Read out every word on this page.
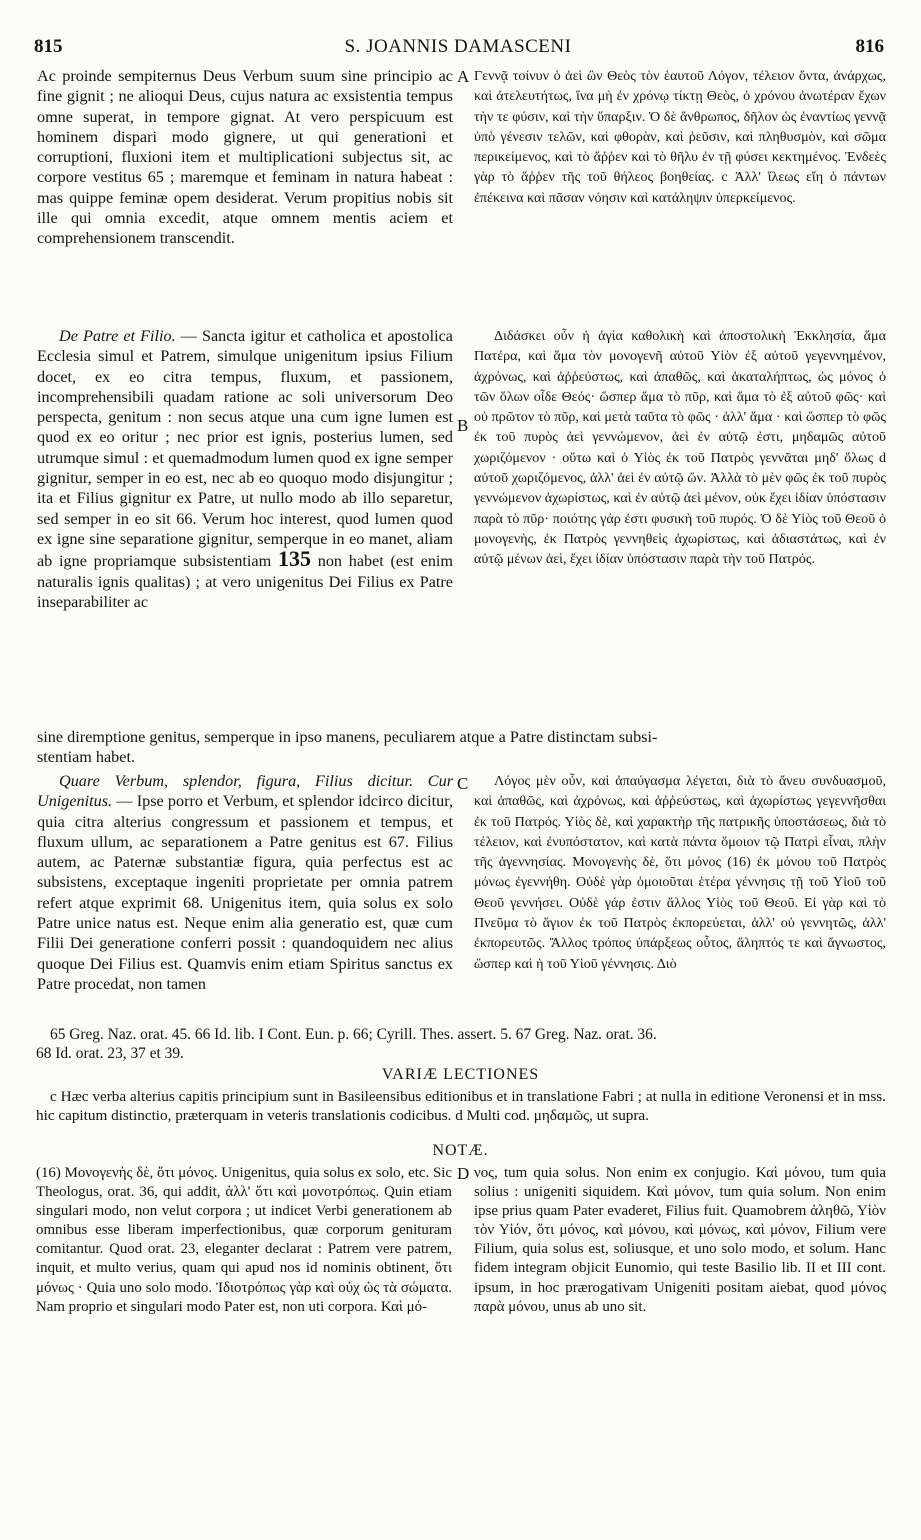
815	S. JOANNIS DAMASCENI	816

Ac proinde sempiternus Deus Verbum suum sine principio ac fine gignit ; ne alioqui Deus, cujus natura ac exsistentia tempus omne superat, in tempore gignat. At vero perspicuum est hominem dispari modo gignere, ut qui generationi et corruptioni, fluxioni item et multiplicationi subjectus sit, ac corpore vestitus 65 ; maremque et feminam in natura habeat : mas quippe feminæ opem desiderat. Verum propitius nobis sit ille qui omnia excedit, atque omnem mentis aciem et comprehensionem transcendit.

A Γεννᾷ τοίνυν ὁ ἀεὶ ὢν Θεὸς τὸν ἑαυτοῦ Λόγον, τέλειον ὄντα, ἀνάρχως, καὶ ἀτελευτήτως, ἵνα μὴ ἐν χρόνῳ τίκτῃ Θεὸς, ὁ χρόνου ἀνωτέραν ἔχων τὴν τε φύσιν, καὶ τὴν ὕπαρξιν. Ὁ δὲ ἄνθρωπος, δῆλον ὡς ἐναντίως γεννᾷ ὑπὸ γένεσιν τελῶν, καὶ φθορὰν, καὶ ῥεῦσιν, καὶ πληθυσμὸν, καὶ σῶμα περικείμενος, καὶ τὸ ἄῤῥεν καὶ τὸ θῆλυ ἐν τῇ φύσει κεκτημένος. Ἐνδεὲς γὰρ τὸ ἄῤῥεν τῆς τοῦ θήλεος βοηθείας. c Ἀλλ' ἵλεως εἴη ὁ πάντων ἐπέκεινα καὶ πᾶσαν νόησιν καὶ κατάληψιν ὑπερκείμενος.

De Patre et Filio. — Sancta igitur et catholica et apostolica Ecclesia simul et Patrem, simulque unigenitum ipsius Filium docet, ex eo citra tempus, fluxum, et passionem, incomprehensibili quadam ratione ac soli universorum Deo perspecta, genitum : non secus atque una cum igne lumen est quod ex eo oritur ; nec prior est ignis, posterius lumen, sed utrumque simul : et quemadmodum lumen quod ex igne semper gignitur, semper in eo est, nec ab eo quoquo modo disjungitur ; ita et Filius gignitur ex Patre, ut nullo modo ab illo separetur, sed semper in eo sit 66. Verum hoc interest, quod lumen quod ex igne sine separatione gignitur, semperque in eo manet, aliam ab igne propriamque subsistentiam 135 non habet (est enim naturalis ignis qualitas) ; at vero unigenitus Dei Filius ex Patre inseparabiliter ac

B

Διδάσκει οὖν ἡ ἁγία καθολικὴ καὶ ἀποστολικὴ Ἐκκλησία, ἅμα Πατέρα, καὶ ἅμα τὸν μονογενῆ αὐτοῦ Υἱὸν ἐξ αὐτοῦ γεγεννημένον, ἀχρόνως, καὶ ἀῤῥεύστως, καὶ ἀπαθῶς, καὶ ἀκαταλήπτως, ὡς μόνος ὁ τῶν ὅλων οἶδε Θεός· ὥσπερ ἅμα τὸ πῦρ, καὶ ἅμα τὸ ἐξ αὐτοῦ φῶς· καὶ οὐ πρῶτον τὸ πῦρ, καὶ μετὰ ταῦτα τὸ φῶς · ἀλλ' ἅμα · καὶ ὥσπερ τὸ φῶς ἐκ τοῦ πυρὸς ἀεὶ γεννώμενον, ἀεὶ ἐν αὐτῷ ἐστι, μηδαμῶς αὐτοῦ χωριζόμενον · οὕτω καὶ ὁ Υἱὸς ἐκ τοῦ Πατρὸς γεννᾶται μηδ' ὅλως d αὐτοῦ χωριζόμενος, ἀλλ' ἀεὶ ἐν αὐτῷ ὤν. Ἀλλὰ τὸ μὲν φῶς ἐκ τοῦ πυρὸς γεννώμενον ἀχωρίστως, καὶ ἐν αὐτῷ ἀεὶ μένον, οὐκ ἔχει ἰδίαν ὑπόστασιν παρὰ τὸ πῦρ· ποιότης γάρ ἐστι φυσικὴ τοῦ πυρός. Ὁ δὲ Υἱὸς τοῦ Θεοῦ ὁ μονογενὴς, ἐκ Πατρὸς γεννηθεὶς ἀχωρίστως, καὶ ἀδιαστάτως, καὶ ἐν αὐτῷ μένων ἀεὶ, ἔχει ἰδίαν ὑπόστασιν παρὰ τὴν τοῦ Πατρός.

sine diremptione genitus, semperque in ipso manens, peculiarem atque a Patre distinctam subsi-
stentiam habet.

Quare Verbum, splendor, figura, Filius dicitur. Cur Unigenitus. — Ipse porro et Verbum, et splendor idcirco dicitur, quia citra alterius congressum et passionem et tempus, et fluxum ullum, ac separationem a Patre genitus est 67. Filius autem, ac Paternæ substantiæ figura, quia perfectus est ac subsistens, exceptaque ingeniti proprietate per omnia patrem refert atque exprimit 68. Unigenitus item, quia solus ex solo Patre unice natus est. Neque enim alia generatio est, quæ cum Filii Dei generatione conferri possit : quandoquidem nec alius quoque Dei Filius est. Quamvis enim etiam Spiritus sanctus ex Patre procedat, non tamen

C	Λόγος μὲν οὖν, καὶ ἀπαύγασμα λέγεται, διὰ τὸ ἄνευ συνδυασμοῦ, καὶ ἀπαθῶς, καὶ ἀχρόνως, καὶ ἀῤῥεύστως, καὶ ἀχωρίστως γεγεννῆσθαι ἐκ τοῦ Πατρός. Υἱὸς δὲ, καὶ χαρακτὴρ τῆς πατρικῆς ὑποστάσεως, διὰ τὸ τέλειον, καὶ ἐνυπόστατον, καὶ κατὰ πάντα ὅμοιον τῷ Πατρὶ εἶναι, πλὴν τῆς ἀγεννησίας. Μονογενὴς δὲ, ὅτι μόνος (16) ἐκ μόνου τοῦ Πατρὸς μόνως ἐγεννήθη. Οὐδὲ γὰρ ὁμοιοῦται ἑτέρα γέννησις τῇ τοῦ Υἱοῦ τοῦ Θεοῦ γεννήσει. Οὐδὲ γάρ ἐστιν ἄλλος Υἱὸς τοῦ Θεοῦ. Εἰ γὰρ καὶ τὸ Πνεῦμα τὸ ἅγιον ἐκ τοῦ Πατρὸς ἐκπορεύεται, ἀλλ' οὐ γεννητῶς, ἀλλ' ἐκπορευτῶς. Ἄλλος τρόπος ὑπάρξεως οὗτος, ἄληπτός τε καὶ ἄγνωστος, ὥσπερ καὶ ἡ τοῦ Υἱοῦ γέννησις. Διὸ

65 Greg. Naz. orat. 45. 66 Id. lib. I Cont. Eun. p. 66; Cyrill. Thes. assert. 5. 67 Greg. Naz. orat. 36.
68 Id. orat. 23, 37 et 39.
VARIÆ LECTIONES
c Hæc verba alterius capitis principium sunt in Basileensibus editionibus et in translatione Fabri ; at nulla in editione Veronensi et in mss. hic capitum distinctio, præterquam in veteris translationis codicibus. d Multi cod. μηδαμῶς, ut supra.
NOTÆ.
(16) Μονογενὴς δὲ, ὅτι μόνος. Unigenitus, quia solus ex solo, etc. Sic Theologus, orat. 36, qui addit, ἀλλ' ὅτι καὶ μονοτρόπως. Quin etiam singulari modo, non velut corpora ; ut indicet Verbi generationem ab omnibus esse liberam imperfectionibus, quæ corporum genituram comitantur. Quod orat. 23, eleganter declarat : Patrem vere patrem, inquit, et multo verius, quam qui apud nos id nominis obtinent, ὅτι μόνως · Quia uno solo modo. Ἰδιοτρόπως γὰρ καὶ οὐχ ὡς τὰ σώματα. Nam proprio et singulari modo Pater est, non uti corpora. Καὶ μό-
D νος, tum quia solus. Non enim ex conjugio. Καὶ μόνου, tum quia solius : unigeniti siquidem. Καὶ μόνον, tum quia solum. Non enim ipse prius quam Pater evaderet, Filius fuit. Quamobrem ἀληθῶ, Υἱὸν τὸν Υἱόν, ὅτι μόνος, καὶ μόνου, καὶ μόνως, καὶ μόνον, Filium vere Filium, quia solus est, soliusque, et uno solo modo, et solum. Hanc fidem integram objicit Eunomio, qui teste Basilio lib. II et III cont. ipsum, in hoc prærogativam Unigeniti positam aiebat, quod μόνος παρὰ μόνου, unus ab uno sit.
